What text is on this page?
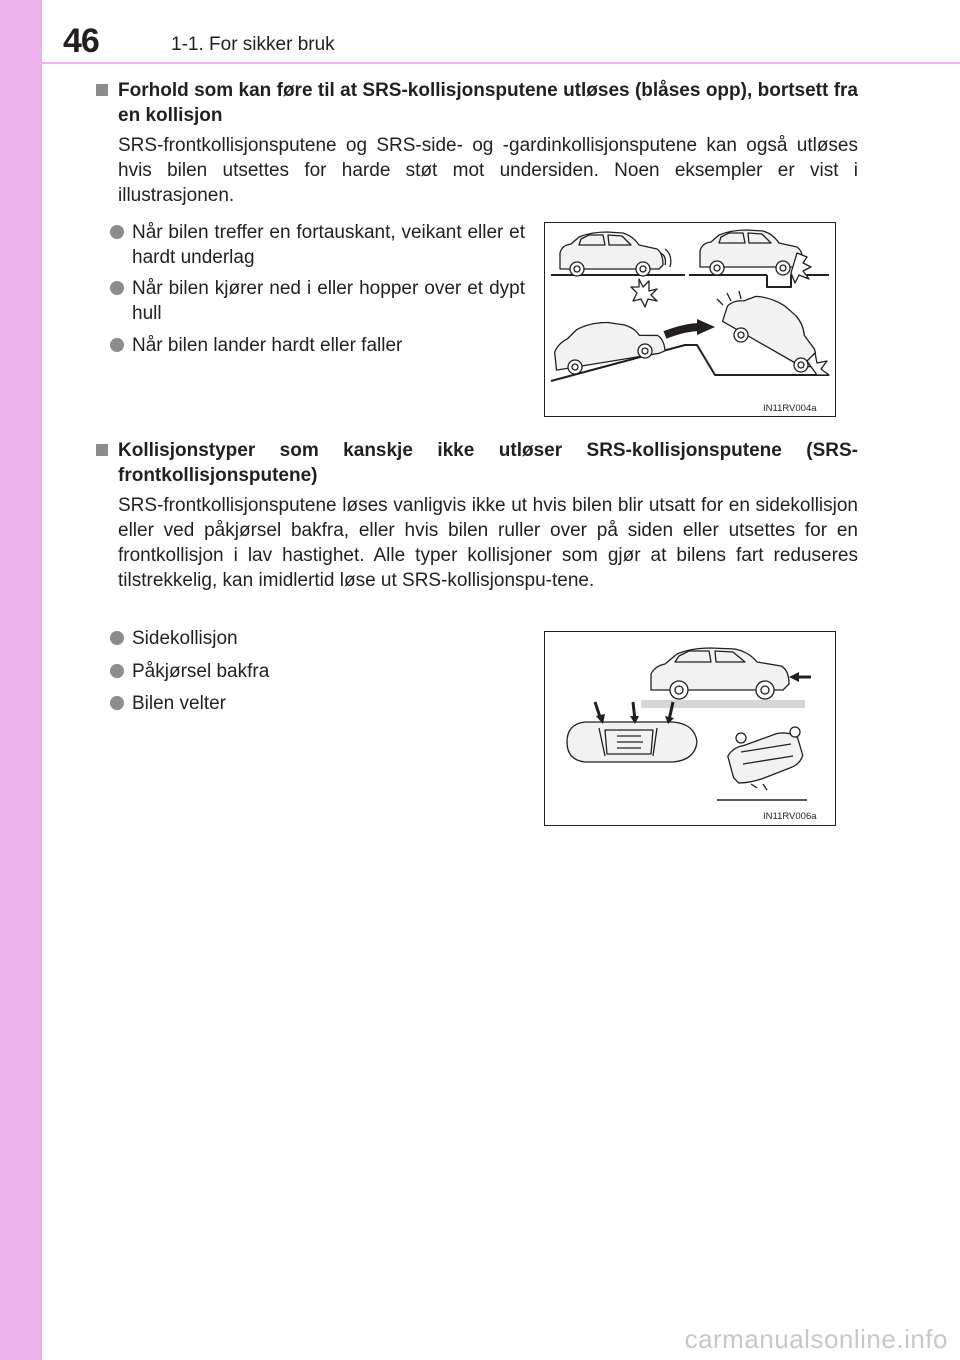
46	1-1. For sikker bruk
Forhold som kan føre til at SRS-kollisjonsputene utløses (blåses opp), bortsett fra en kollisjon
SRS-frontkollisjonsputene og SRS-side- og -gardinkollisjonsputene kan også utløses hvis bilen utsettes for harde støt mot undersiden. Noen eksempler er vist i illustrasjonen.
Når bilen treffer en fortauskant, veikant eller et hardt underlag
Når bilen kjører ned i eller hopper over et dypt hull
Når bilen lander hardt eller faller
IN11RV004a
Kollisjonstyper som kanskje ikke utløser SRS-kollisjonsputene (SRS-frontkollisjonsputene)
SRS-frontkollisjonsputene løses vanligvis ikke ut hvis bilen blir utsatt for en sidekollisjon eller ved påkjørsel bakfra, eller hvis bilen ruller over på siden eller utsettes for en frontkollisjon i lav hastighet. Alle typer kollisjoner som gjør at bilens fart reduseres tilstrekkelig, kan imidlertid løse ut SRS-kollisjonspu-tene.
Sidekollisjon
Påkjørsel bakfra
Bilen velter
IN11RV006a
carmanualsonline.info
